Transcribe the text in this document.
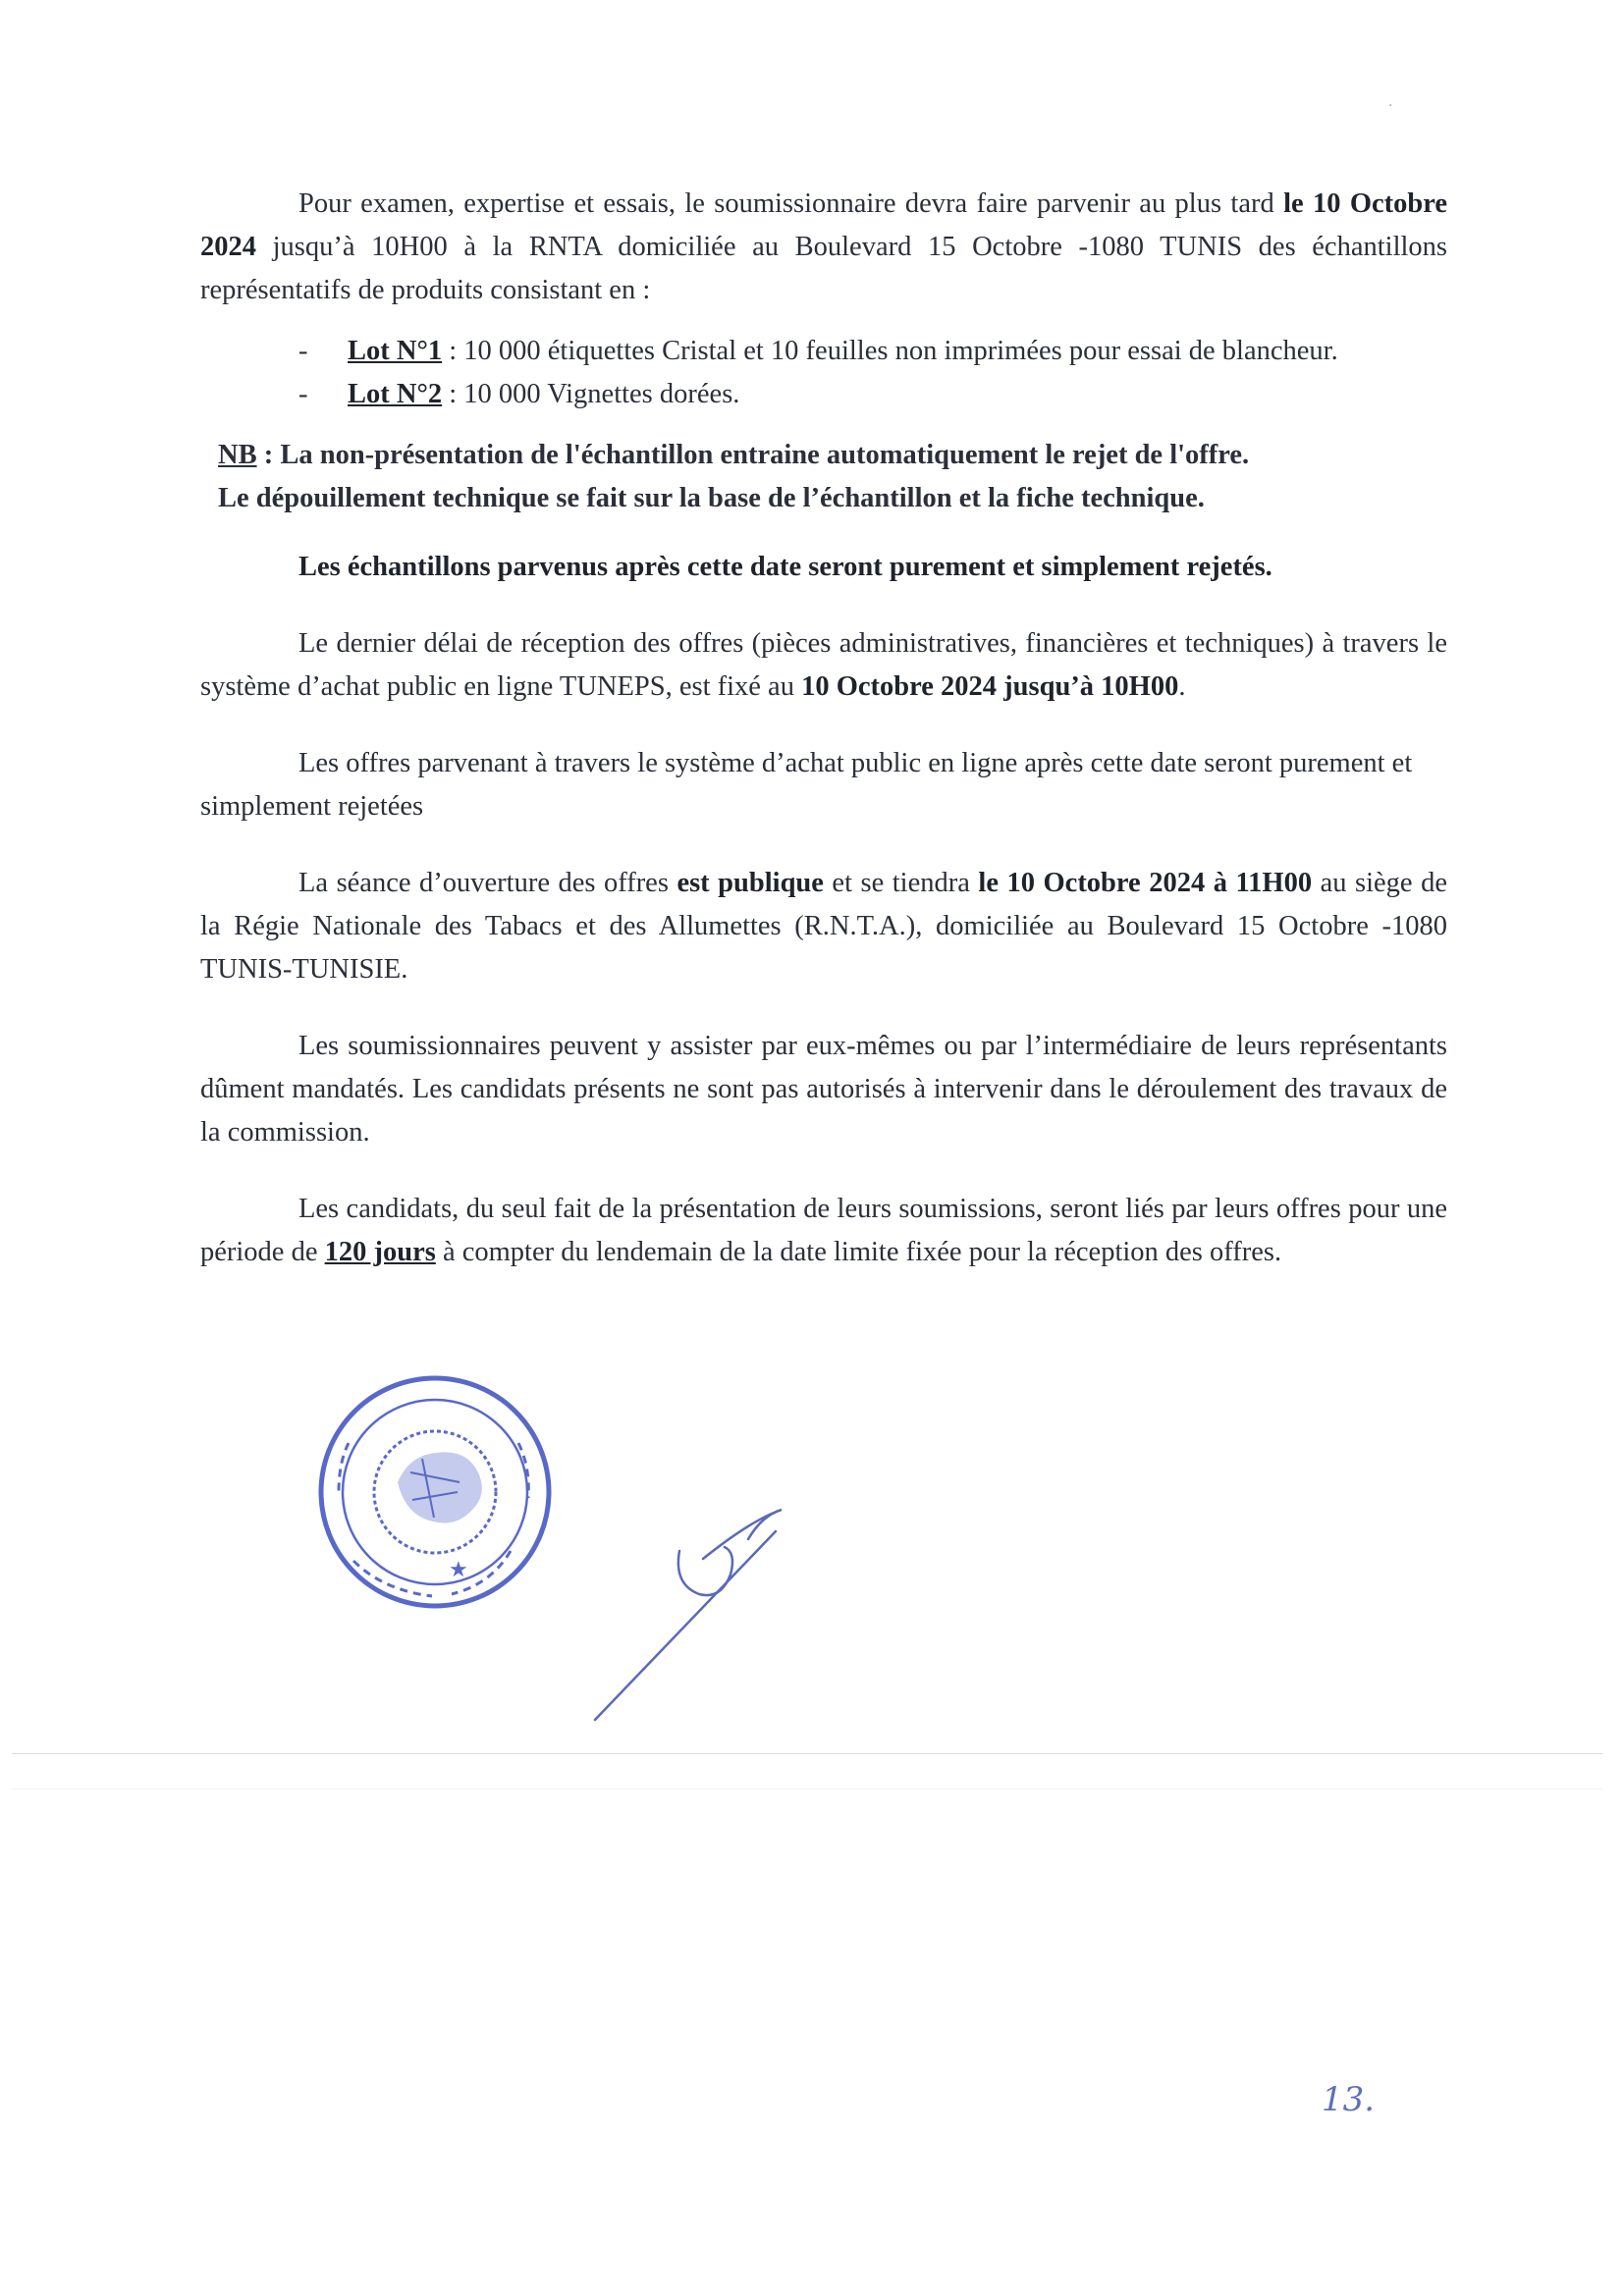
Pour examen, expertise et essais, le soumissionnaire devra faire parvenir au plus tard le 10 Octobre 2024 jusqu’à 10H00 à la RNTA domiciliée au Boulevard 15 Octobre -1080 TUNIS des échantillons représentatifs de produits consistant en :

- Lot N°1 : 10 000 étiquettes Cristal et 10 feuilles non imprimées pour essai de blancheur.
- Lot N°2 : 10 000 Vignettes dorées.

NB : La non-présentation de l'échantillon entraine automatiquement le rejet de l'offre.
Le dépouillement technique se fait sur la base de l’échantillon et la fiche technique.

Les échantillons parvenus après cette date seront purement et simplement rejetés.

Le dernier délai de réception des offres (pièces administratives, financières et techniques) à travers le système d’achat public en ligne TUNEPS, est fixé au 10 Octobre 2024 jusqu’à 10H00.

Les offres parvenant à travers le système d’achat public en ligne après cette date seront purement et simplement rejetées

La séance d’ouverture des offres est publique et se tiendra le 10 Octobre 2024 à 11H00 au siège de la Régie Nationale des Tabacs et des Allumettes (R.N.T.A.), domiciliée au Boulevard 15 Octobre -1080 TUNIS-TUNISIE.

Les soumissionnaires peuvent y assister par eux-mêmes ou par l’intermédiaire de leurs représentants dûment mandatés. Les candidats présents ne sont pas autorisés à intervenir dans le déroulement des travaux de la commission.

Les candidats, du seul fait de la présentation de leurs soumissions, seront liés par leurs offres pour une période de 120 jours à compter du lendemain de la date limite fixée pour la réception des offres.

★
13.
·
